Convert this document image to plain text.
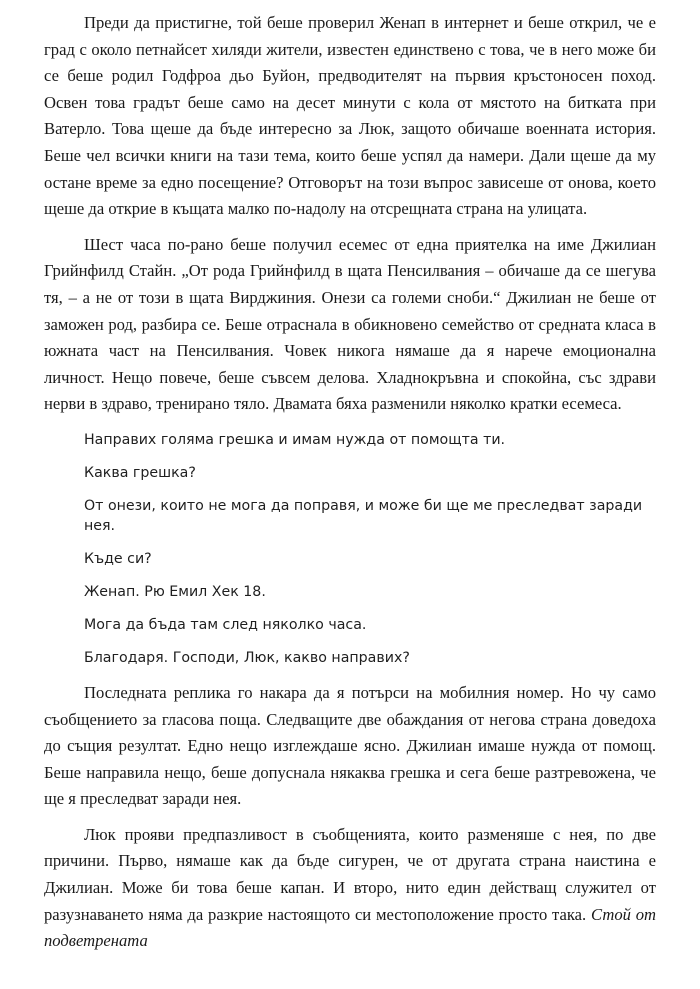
Преди да пристигне, той беше проверил Женап в интернет и беше открил, че е град с около петнайсет хиляди жители, известен единствено с това, че в него може би се беше родил Годфроа дьо Буйон, предводителят на първия кръстоносен поход. Освен това градът беше само на десет минути с кола от мястото на битката при Ватерло. Това щеше да бъде интересно за Люк, защото обичаше военната история. Беше чел всички книги на тази тема, които беше успял да намери. Дали щеше да му остане време за едно посещение? Отговорът на този въпрос зависеше от онова, което щеше да открие в къщата малко по-надолу на отсрещната страна на улицата.

Шест часа по-рано беше получил есемес от една приятелка на име Джилиан Грийнфилд Стайн. „От рода Грийнфилд в щата Пенсилвания – обичаше да се шегува тя, – а не от този в щата Вирджиния. Онези са големи сноби.“ Джилиан не беше от заможен род, разбира се. Беше отраснала в обикновено семейство от средната класа в южната част на Пенсилвания. Човек никога нямаше да я нарече емоционална личност. Нещо повече, беше съвсем делова. Хладнокръвна и спокойна, със здрави нерви в здраво, тренирано тяло. Двамата бяха разменили няколко кратки есемеса.

Направих голяма грешка и имам нужда от помощта ти.

Каква грешка?

От онези, които не мога да поправя, и може би ще ме преследват заради нея.

Къде си?

Женап. Рю Емил Хек 18.

Мога да бъда там след няколко часа.

Благодаря. Господи, Люк, какво направих?

Последната реплика го накара да я потърси на мобилния номер. Но чу само съобщението за гласова поща. Следващите две обаждания от негова страна доведоха до същия резултат. Едно нещо изглеждаше ясно. Джилиан имаше нужда от помощ. Беше направила нещо, беше допуснала някаква грешка и сега беше разтревожена, че ще я преследват заради нея.

Люк прояви предпазливост в съобщенията, които разменяше с нея, по две причини. Първо, нямаше как да бъде сигурен, че от другата страна наистина е Джилиан. Може би това беше капан. И второ, нито един действащ служител от разузнаването няма да разкрие настоящото си местоположение просто така. Стой от подветрената
